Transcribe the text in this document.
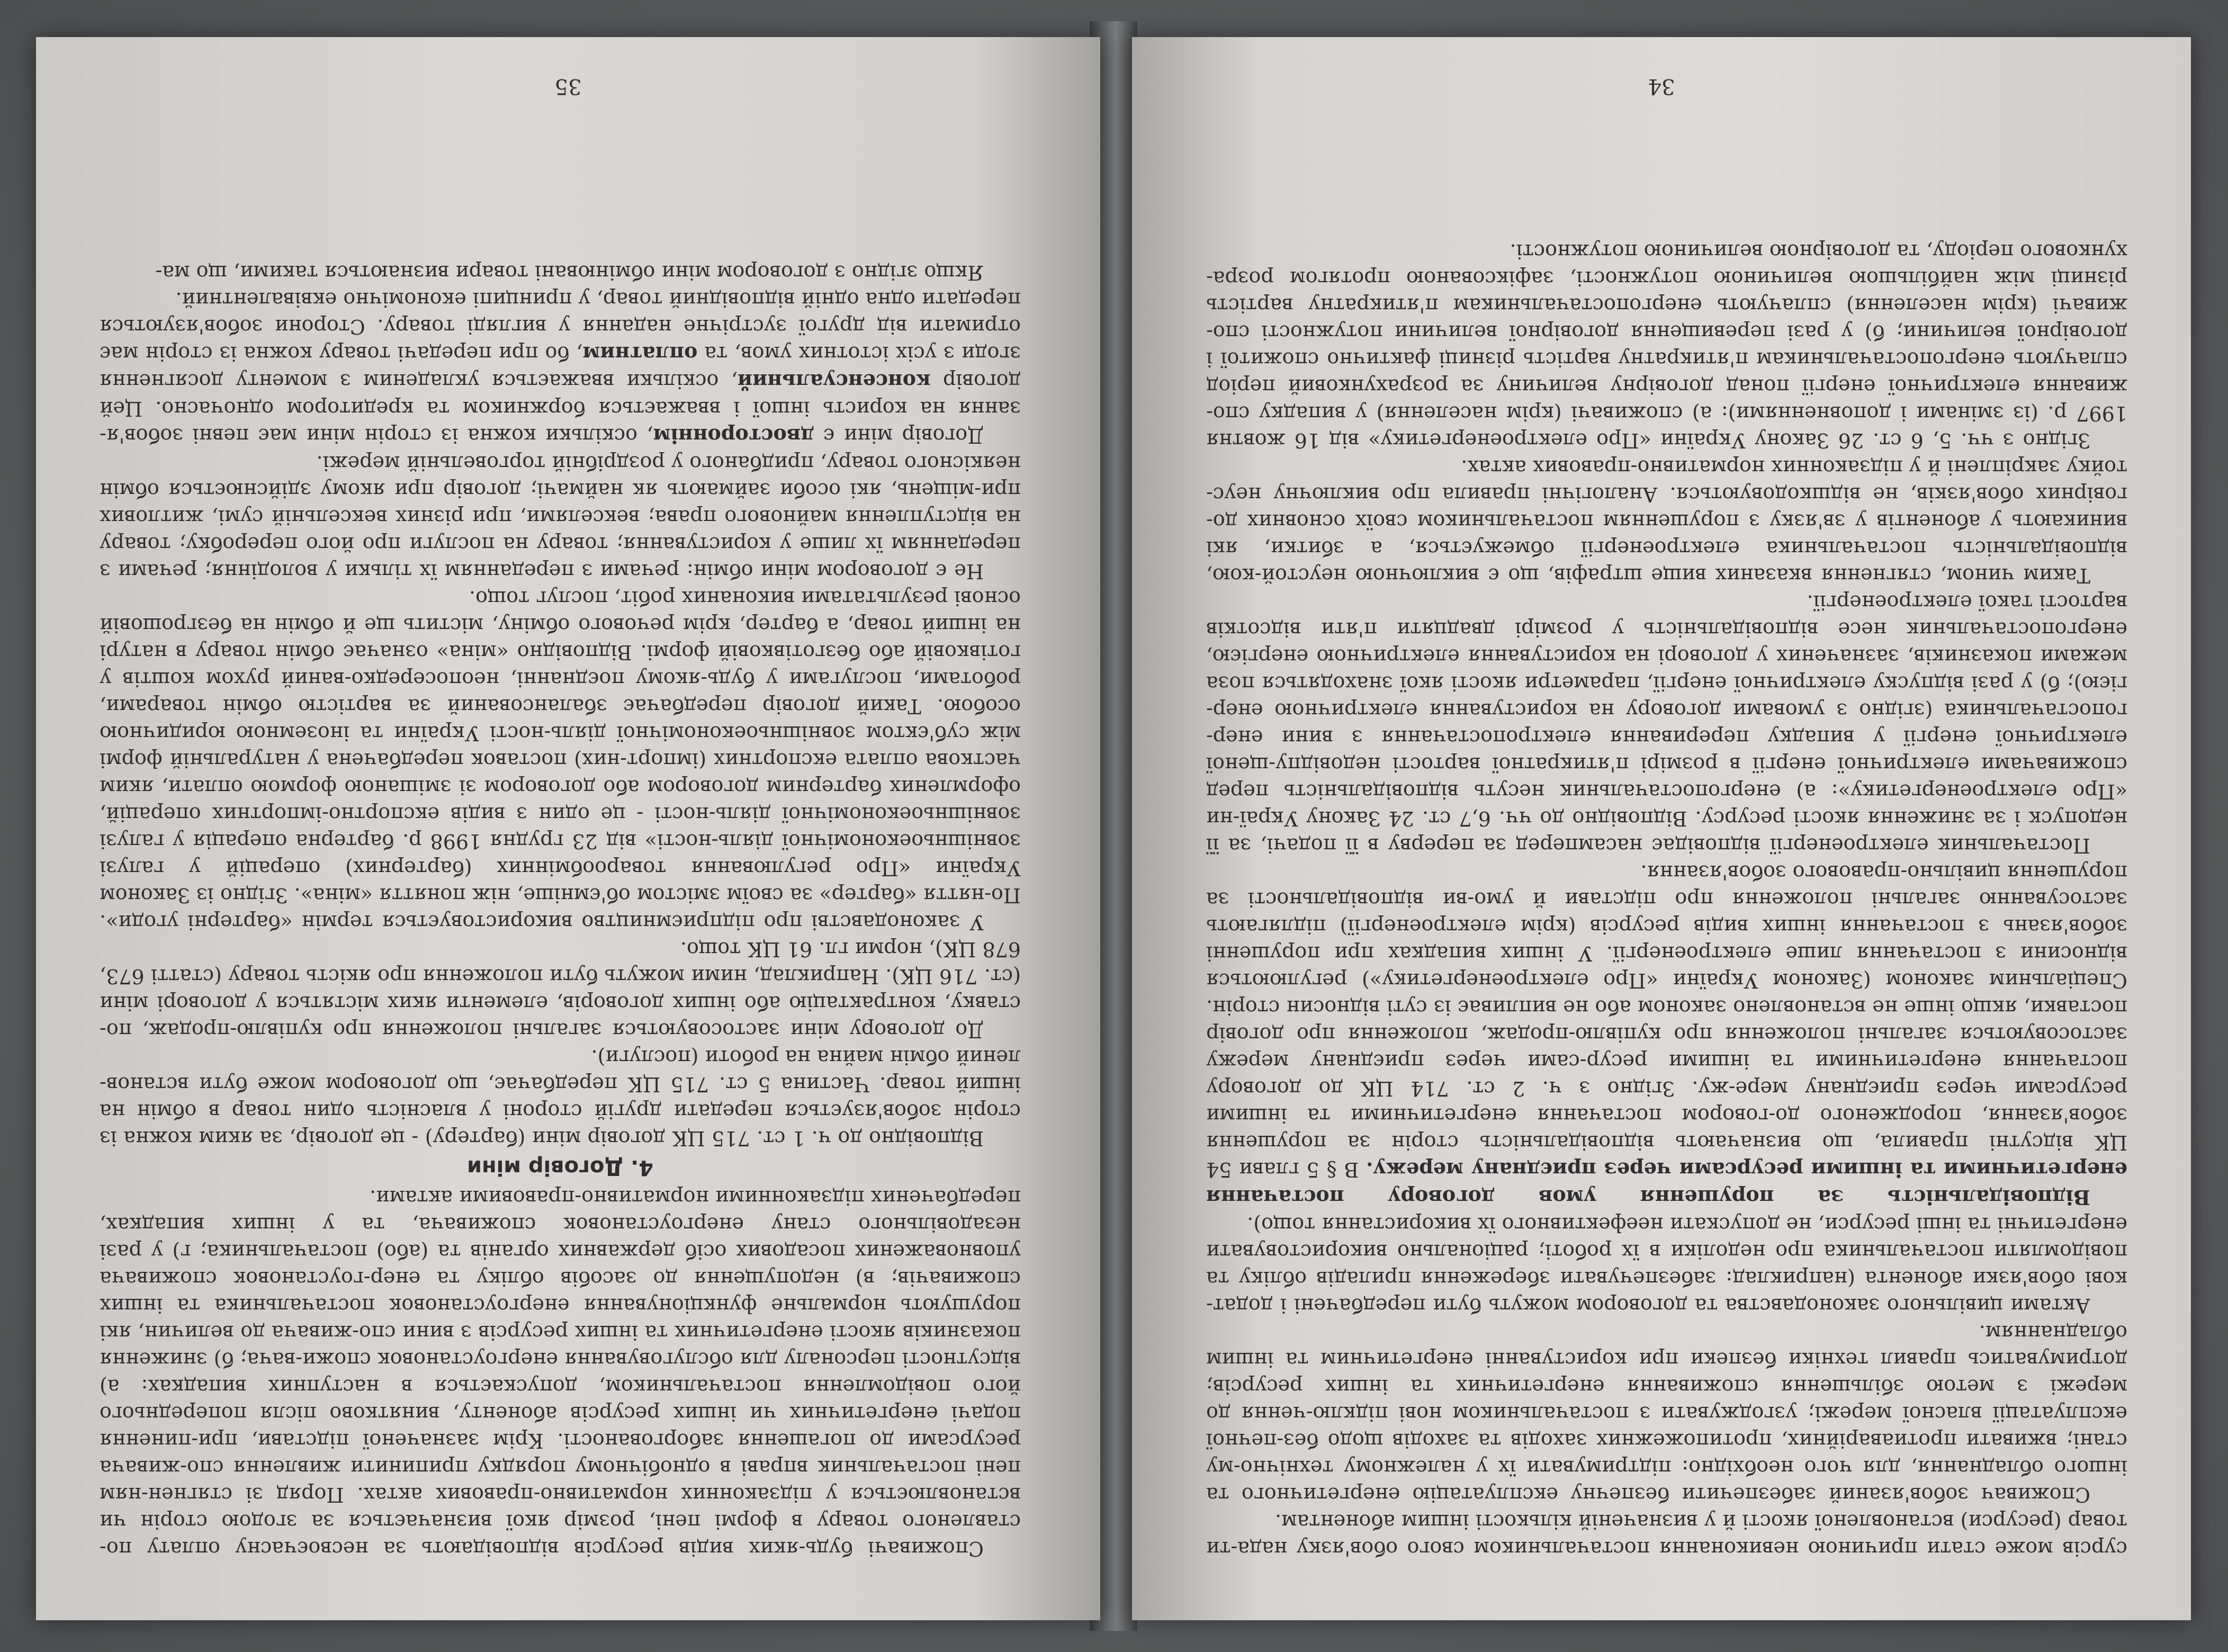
сурсів може стати причиною невиконання постачальником свого обов'язку нада-ти товар (ресурси) встановленої якості й у визначеній кількості іншим абонентам.

Споживач зобов'язаний забезпечити безпечну експлуатацію енергетичного та іншого обладнання, для чого необхідно: підтримувати їх у належному технічно-му стані; вживати протиаварійних, протипожежних заходів та заходів щодо без-печної експлуатації власної мережі; узгоджувати з постачальником нові підклю-чення до мережі з метою збільшення споживання енергетичних та інших ресурсів; дотримуватись правил техніки безпеки при користуванні енергетичним та іншим обладнанням.

Актами цивільного законодавства та договором можуть бути передбачені і додат-кові обов'язки абонента (наприклад: забезпечувати збереження приладів обліку та повідомляти постачальника про недоліки в їх роботі; раціонально використовувати енергетичні та інші ресурси, не допускати неефективного їх використання тощо).

Відповідальність за порушення умов договору постачання енергетичними та іншими ресурсами через приєднану мережу. В § 5 глави 54 ЦК відсутні правила, що визначають відповідальність сторін за порушення зобов'язання, породженого до-говором постачання енергетичними та іншими ресурсами через приєднану мере-жу. Згідно з ч. 2 ст. 714 ЦК до договору постачання енергетичними та іншими ресур-сами через приєднану мережу застосовуються загальні положення про купівлю-продаж, положення про договір поставки, якщо інше не встановлено законом або не випливає із суті відносин сторін. Спеціальним законом (Законом України «Про електроенергетику») регулюються відносини з постачання лише електроенергії. У інших випадках при порушенні зобов'язань з постачання інших видів ресурсів (крім електроенергії) підлягають застосуванню загальні положення про підстави й умо-ви відповідальності за порушення цивільно-правового зобов'язання.

Постачальник електроенергії відповідає насамперед за перерву в її подачі, за її недопуск і за зниження якості ресурсу. Відповідно до чч. 6,7 ст. 24 Закону Украї-ни «Про електроенергетику»: а) енергопостачальник несуть відповідальність перед споживачами електричної енергії в розмірі п'ятикратної вартості недовідпу-щеної електричної енергії у випадку переривання електропостачання з вини енер-гопостачальника (згідно з умовами договору на користування електричною енер-гією); б) у разі відпуску електричної енергії, параметри якості якої знаходяться поза межами показників, зазначених у договорі на користування електричною енергією, енергопостачальник несе відповідальність у розмірі двадцяти п'яти відсотків вартості такої електроенергії.

Таким чином, стягнення вказаних вище штрафів, що є виключною неустой-кою, відповідальність постачальника електроенергії обмежується, а збитки, які виникають у абонентів у зв'язку з порушенням постачальником своїх основних до-говірних обов'язків, не відшкодовуються. Аналогічні правила про виключну неус-тойку закріплені й у підзаконних нормативно-правових актах.

Згідно з чч. 5, 6 ст. 26 Закону України «Про електроенергетику» від 16 жовтня 1997 р. (із змінами і доповненнями): а) споживачі (крім населення) у випадку спо-живання електричної енергії понад договірну величину за розрахунковий період сплачують енергопостачальникам п'ятикратну вартість різниці фактично спожитої і договірної величини; б) у разі перевищення договірної величини потужності спо-живачі (крім населення) сплачують енергопостачальникам п'ятикратну вартість різниці між найбільшою величиною потужності, зафіксованою протягом розра-хункового періоду, та договірною величиною потужності.

34

Споживачі будь-яких видів ресурсів відповідають за несвоєчасну оплату по-ставленого товару в формі пені, розмір якої визначається за згодою сторін чи встановлюється у підзаконних нормативно-правових актах. Поряд зі стягнен-ням пені постачальник вправі в однобічному порядку припинити живлення спо-живача ресурсами до погашення заборгованості. Крім зазначеної підстави, при-пинення подачі енергетичних чи інших ресурсів абоненту, винятково після попереднього його повідомлення постачальником, допускається в наступних випадках: а) відсутності персоналу для обслуговування енергоустановок спожи-вача; б) зниження показників якості енергетичних та інших ресурсів з вини спо-живача до величин, які порушують нормальне функціонування енергоустановок постачальника та інших споживачів; в) недопущення до засобів обліку та енер-гоустановок споживача уповноважених посадових осіб державних органів та (або) постачальника; г) у разі незадовільного стану енергоустановок споживача, та у інших випадках, передбачених підзаконними нормативно-правовими актами.

4. Договір міни

Відповідно до ч. 1 ст. 715 ЦК договір міни (бартеру) - це договір, за яким кожна із сторін зобов'язується передати другій стороні у власність один товар в обмін на інший товар. Частина 5 ст. 715 ЦК передбачає, що договором може бути встанов-лений обмін майна на роботи (послуги).

До договору міни застосовуються загальні положення про купівлю-продаж, по-ставку, контрактацію або інших договорів, елементи яких містяться у договорі міни (ст. 716 ЦК). Наприклад, ними можуть бути положення про якість товару (статті 673, 678 ЦК), норми гл. 61 ЦК тощо.

У законодавстві про підприємництво використовується термін «бартерні угоди». По-няття «бартер» за своїм змістом об'ємніше, ніж поняття «міна». Згідно із Законом України «Про регулювання товарообмінних (бартерних) операцій у галузі зовнішньоекономічної діяль-ності» від 23 грудня 1998 р. бартерна операція у галузі зовнішньоекономічної діяль-ності - це один з видів експортно-імпортних операцій, оформлених бартерним договором або договором зі змішаною формою оплати, яким часткова оплата експортних (імпорт-них) поставок передбачена у натуральній формі між суб'єктом зовнішньоекономічної діяль-ності України та іноземною юридичною особою. Такий договір передбачає збалансований за вартістю обмін товарами, роботами, послугами у будь-якому поєднанні, неопосередко-ваний рухом коштів у готівковій або безготівковій формі. Відповідно «міна» означає обмін товару в натурі на інший товар, а бартер, крім речового обміну, містить ще й обмін на безгрошовій основі результатами виконаних робіт, послуг тощо.

Не є договором міни обмін: речами з переданням їх тільки у володіння; речами з переданням їх лише у користування; товару на послуги про його переробку; товару на відступлення майнового права; векселями, при різних вексельній сумі, житлових при-міщень, які особи займають як наймачі; договір при якому здійснюється обмін неякісного товару, придбаного у роздрібній торговельній мережі.

Договір міни є двостороннім, оскільки кожна із сторін міни має певні зобов'я-зання на користь іншої і вважається боржником та кредитором одночасно. Цей договір консенсуальний, оскільки вважається укладеним з моменту досягнення згоди з усіх істотних умов, та оплатним, бо при передачі товару кожна із сторін має отримати від другої зустрічне надання у вигляді товару. Сторони зобов'язуються передати одна одній відповідний товар, у принципі економічно еквівалентний.

Якщо згідно з договором міни обмінювані товари визнаються такими, що ма-

35
